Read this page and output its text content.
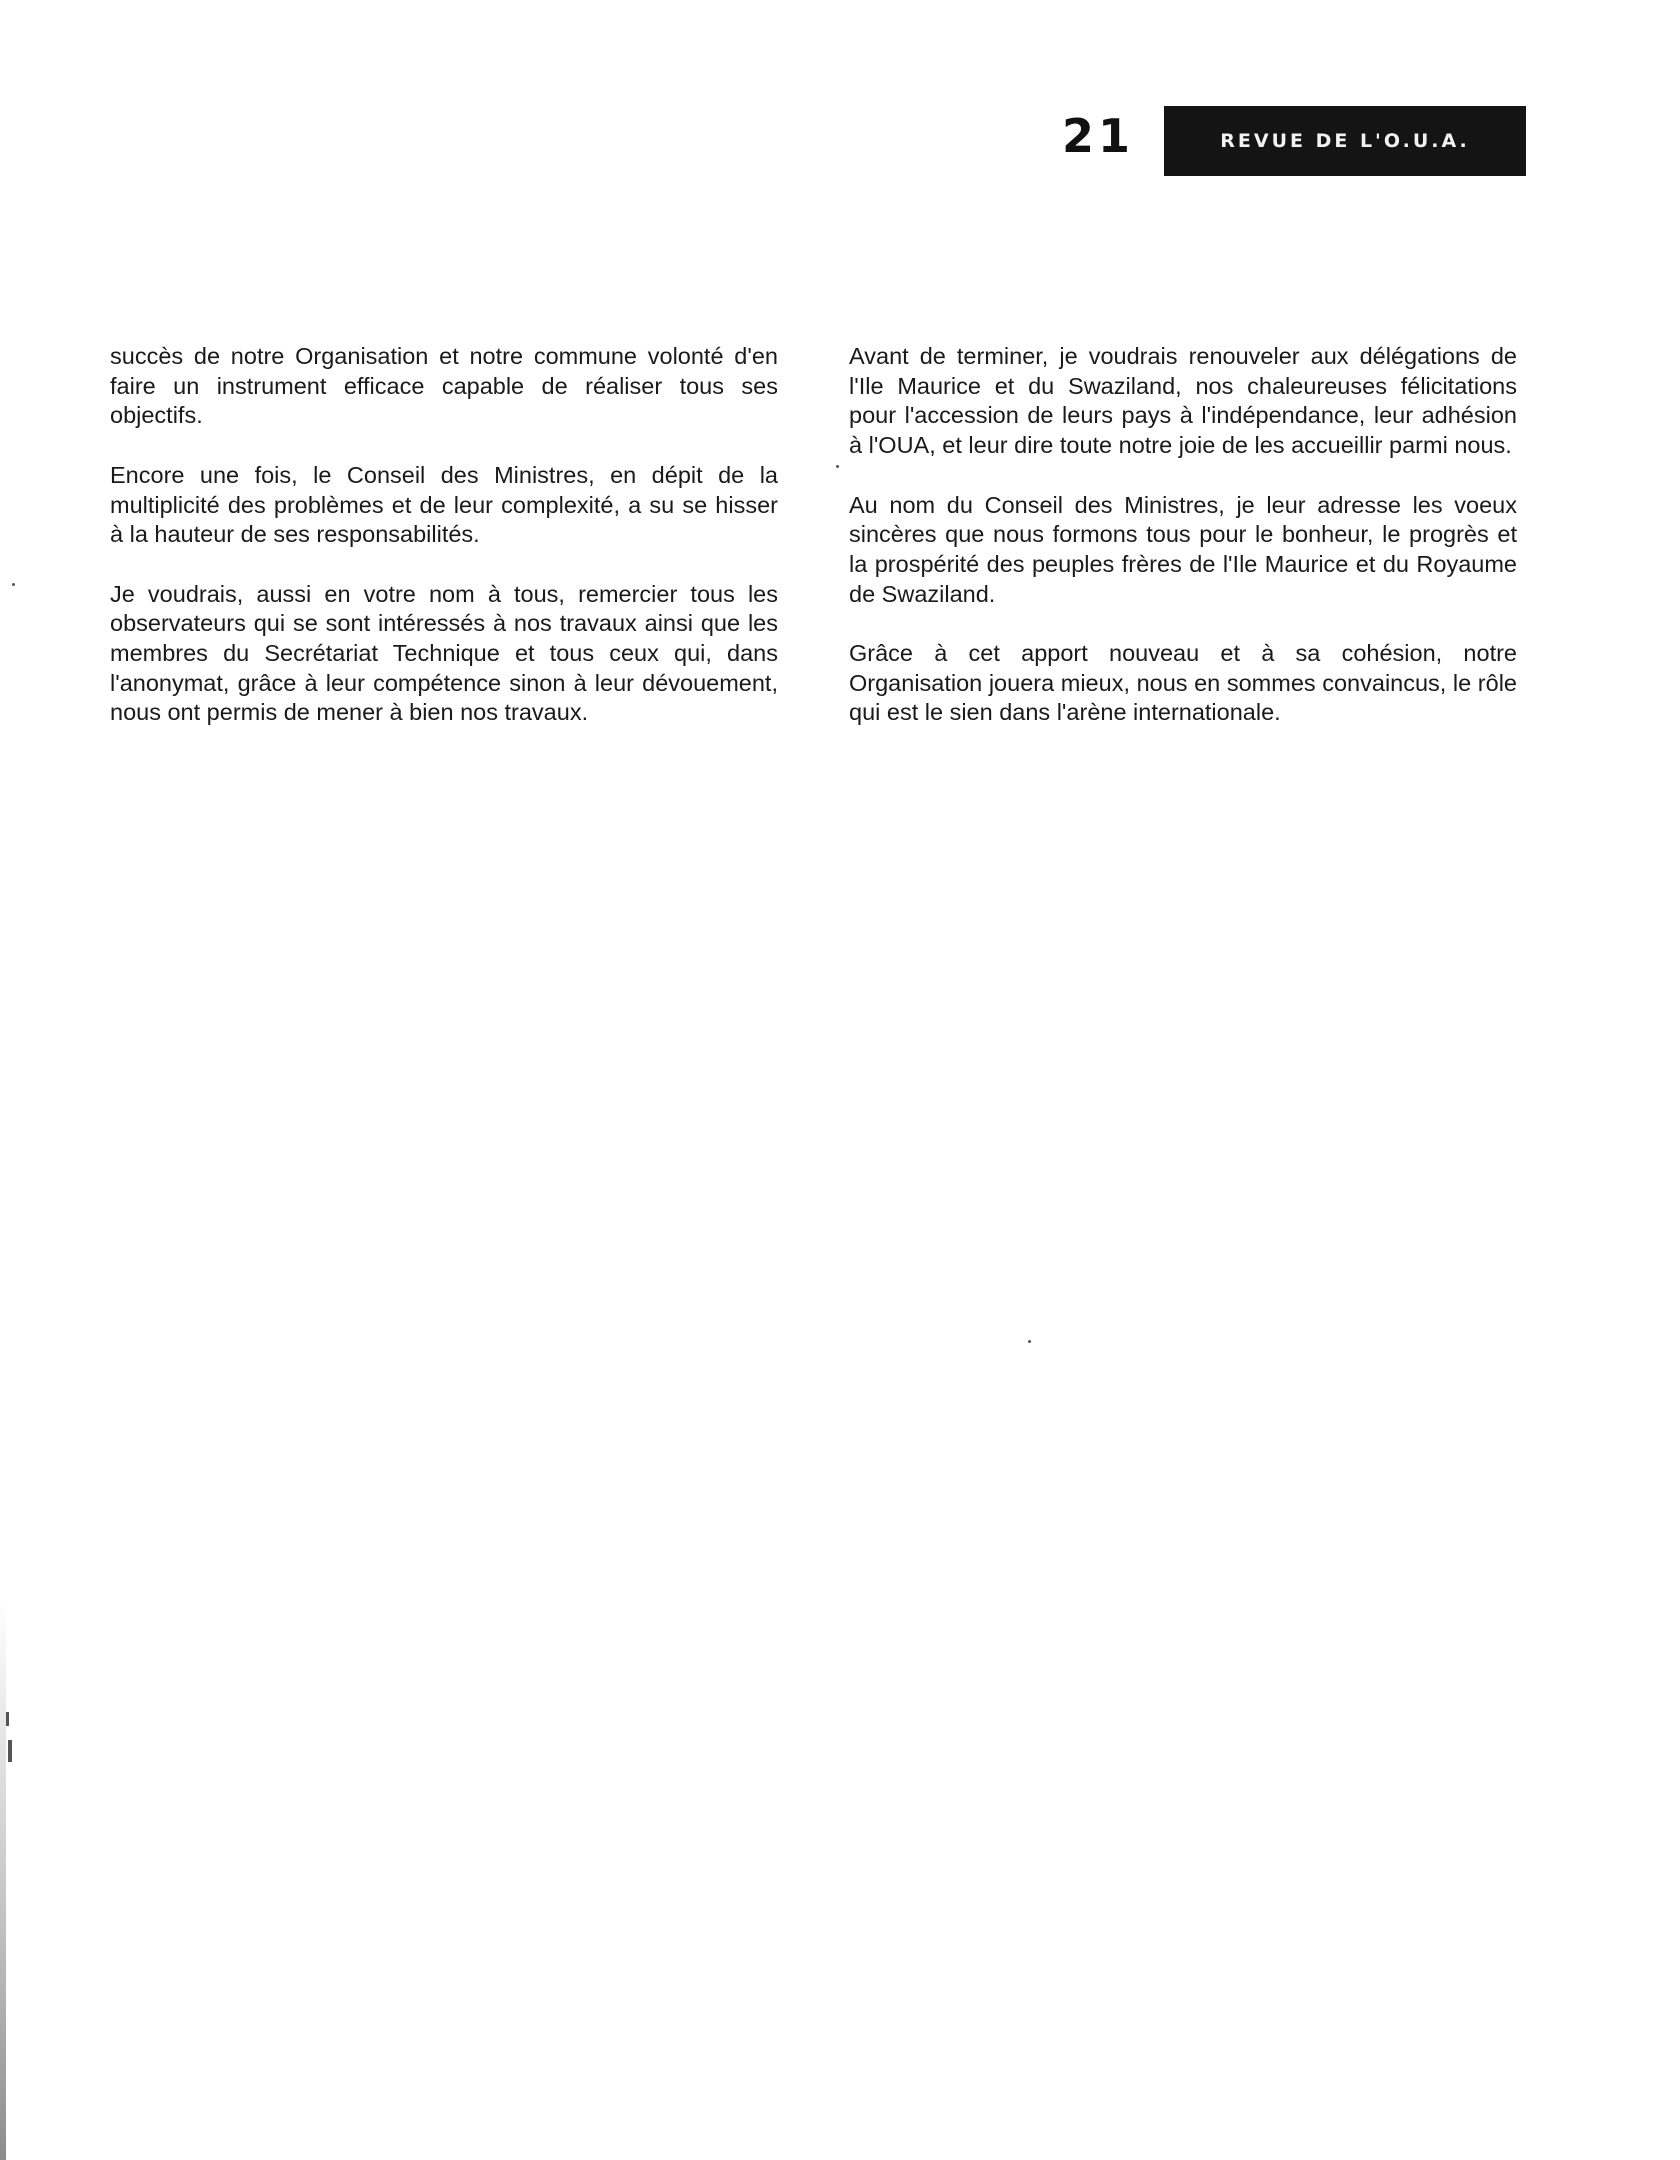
21	REVUE DE L'O.U.A.

succès de notre Organisation et notre commune volonté d'en faire un instrument efficace capable de réaliser tous ses objectifs.

Encore une fois, le Conseil des Ministres, en dépit de la multiplicité des problèmes et de leur complexité, a su se hisser à la hauteur de ses responsabilités.

Je voudrais, aussi en votre nom à tous, remercier tous les observateurs qui se sont intéressés à nos travaux ainsi que les membres du Secrétariat Technique et tous ceux qui, dans l'anonymat, grâce à leur compétence sinon à leur dévouement, nous ont permis de mener à bien nos travaux.

Avant de terminer, je voudrais renouveler aux délégations de l'Ile Maurice et du Swaziland, nos chaleureuses félicitations pour l'accession de leurs pays à l'indépendance, leur adhésion à l'OUA, et leur dire toute notre joie de les accueillir parmi nous.

Au nom du Conseil des Ministres, je leur adresse les voeux sincères que nous formons tous pour le bonheur, le progrès et la prospérité des peuples frères de l'Ile Maurice et du Royaume de Swaziland.

Grâce à cet apport nouveau et à sa cohésion, notre Organisation jouera mieux, nous en sommes convaincus, le rôle qui est le sien dans l'arène internationale.
